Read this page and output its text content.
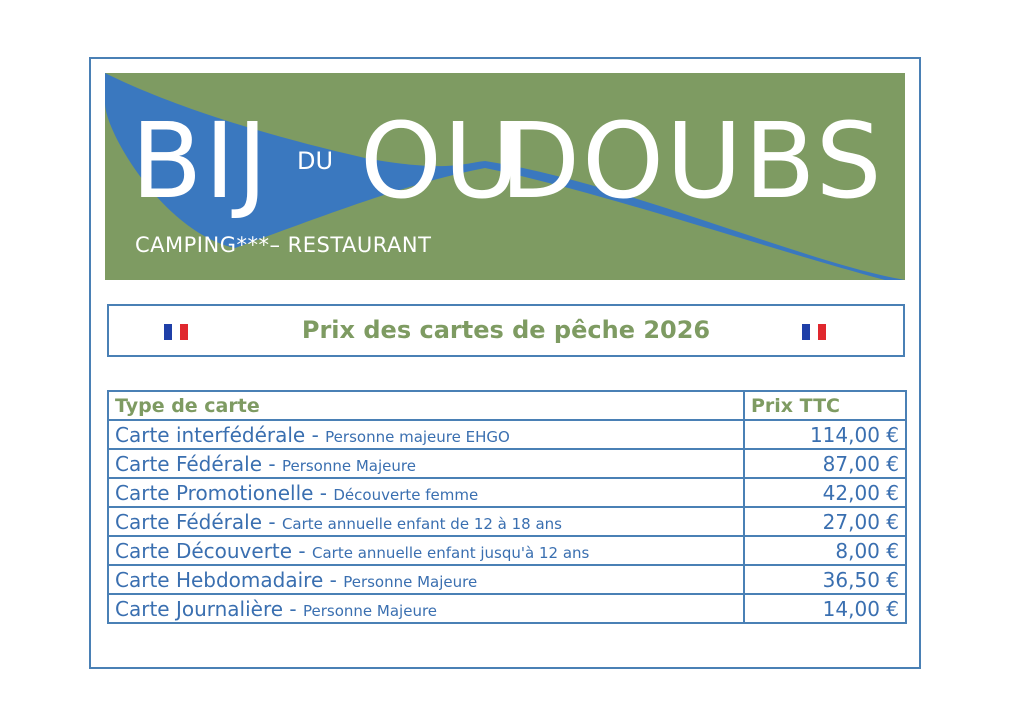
BIJ DU OU
DOUBS
CAMPING***– RESTAURANT
Prix des cartes de pêche 2026
Type de carte	Prix TTC
Carte interfédérale - Personne majeure EHGO	114,00 €
Carte Fédérale - Personne Majeure	87,00 €
Carte Promotionelle - Découverte femme	42,00 €
Carte Fédérale - Carte annuelle enfant de 12 à 18 ans	27,00 €
Carte Découverte - Carte annuelle enfant jusqu'à 12 ans	8,00 €
Carte Hebdomadaire - Personne Majeure	36,50 €
Carte Journalière - Personne Majeure	14,00 €
